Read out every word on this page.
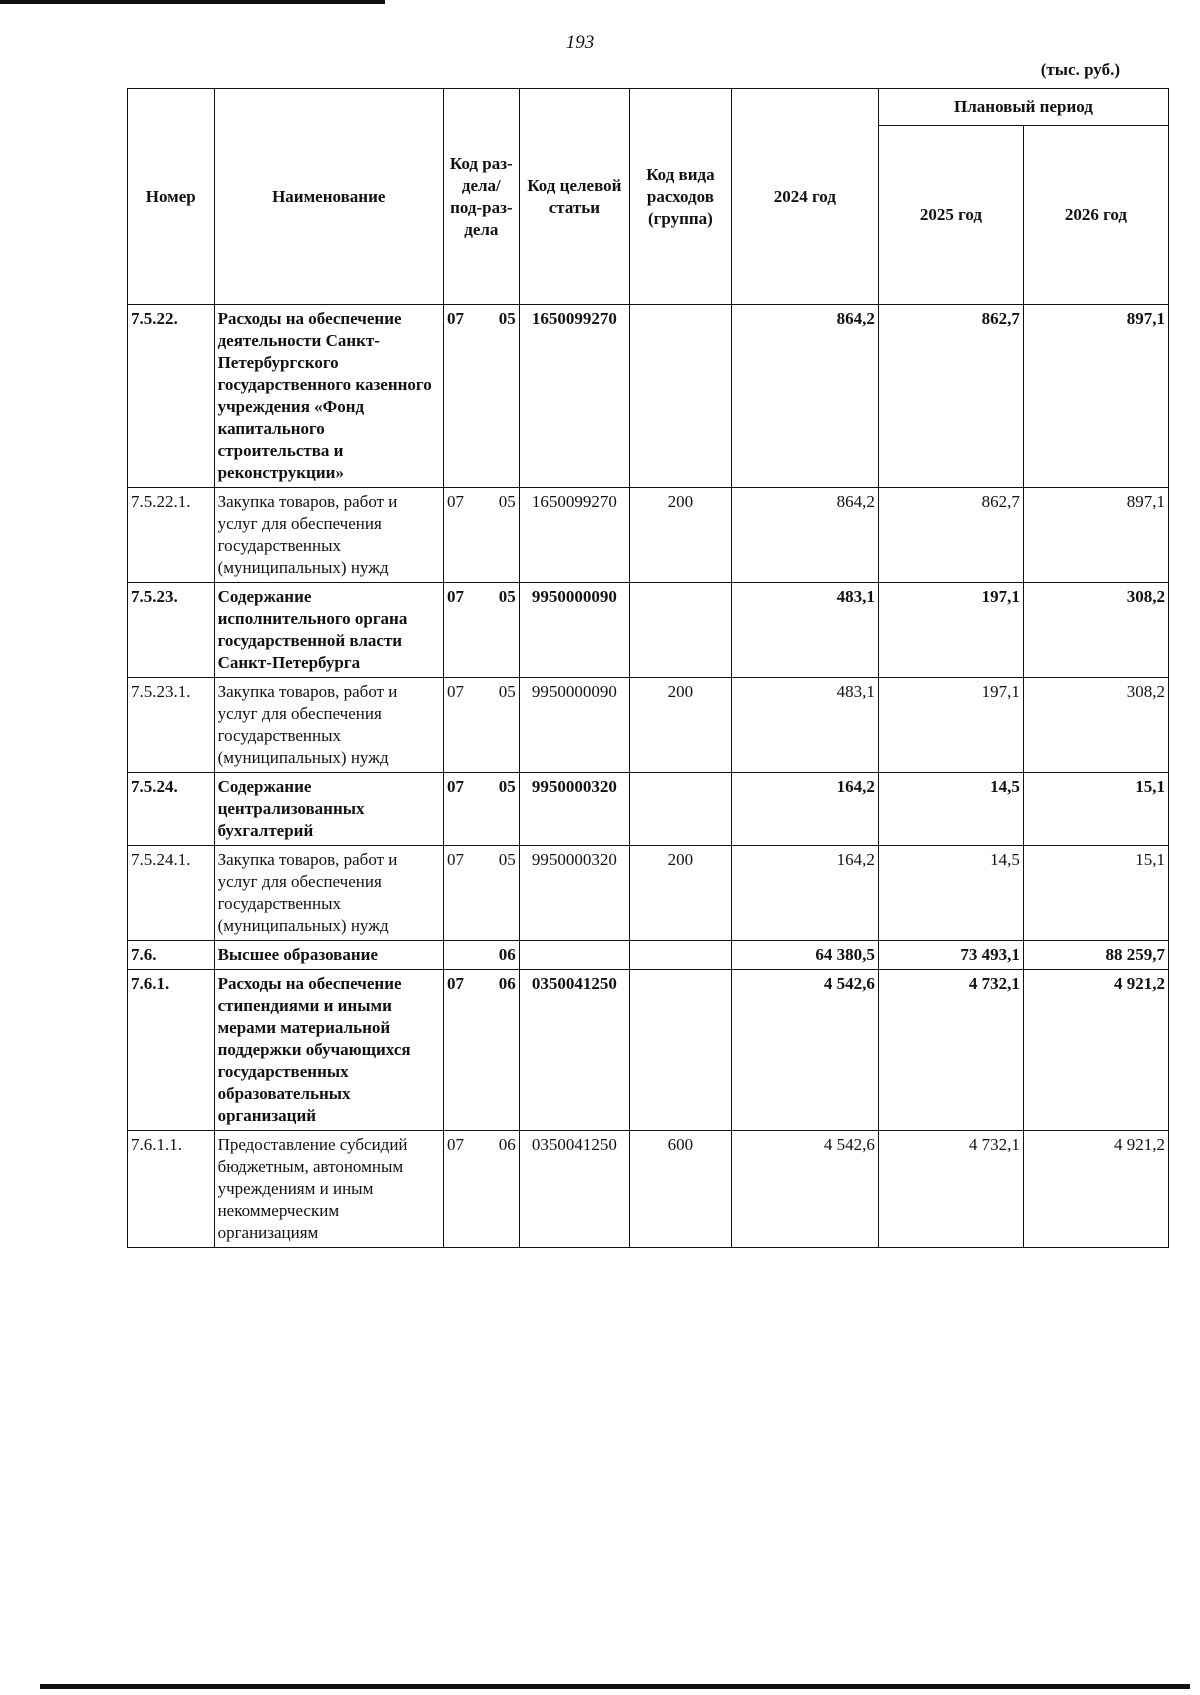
193
(тыс. руб.)
Номер	Наименование	Код раз-дела/ под-раз-дела		Код целевой статьи	Код вида расходов (группа)	2024 год	Плановый период	
							2025 год	2026 год
7.5.22.	Расходы на обеспечение деятельности Санкт-Петербургского государственного казенного учреждения «Фонд капитального строительства и реконструкции»	07	05	1650099270		864,2	862,7	897,1
7.5.22.1.	Закупка товаров, работ и услуг для обеспечения государственных (муниципальных) нужд	07	05	1650099270	200	864,2	862,7	897,1
7.5.23.	Содержание исполнительного органа государственной власти Санкт-Петербурга	07	05	9950000090		483,1	197,1	308,2
7.5.23.1.	Закупка товаров, работ и услуг для обеспечения государственных (муниципальных) нужд	07	05	9950000090	200	483,1	197,1	308,2
7.5.24.	Содержание централизованных бухгалтерий	07	05	9950000320		164,2	14,5	15,1
7.5.24.1.	Закупка товаров, работ и услуг для обеспечения государственных (муниципальных) нужд	07	05	9950000320	200	164,2	14,5	15,1
7.6.	Высшее образование		06			64 380,5	73 493,1	88 259,7
7.6.1.	Расходы на обеспечение стипендиями и иными мерами материальной поддержки обучающихся государственных образовательных организаций	07	06	0350041250		4 542,6	4 732,1	4 921,2
7.6.1.1.	Предоставление субсидий бюджетным, автономным учреждениям и иным некоммерческим организациям	07	06	0350041250	600	4 542,6	4 732,1	4 921,2
